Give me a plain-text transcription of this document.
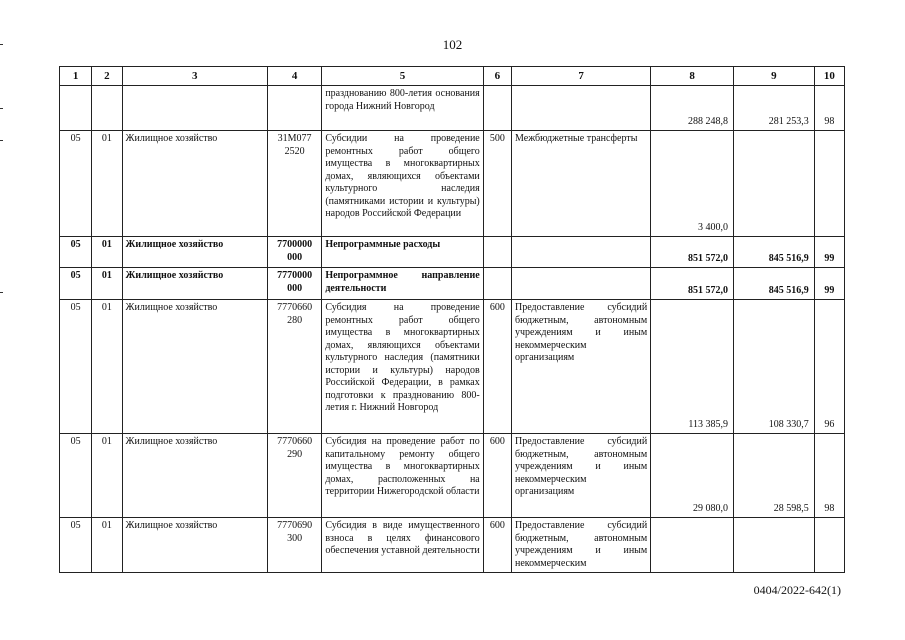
102
1	2	3	4	5	6	7	8	9	10
				празднованию 800-летия основания города Нижний Новгород			288 248,8	281 253,3	98
05	01	Жилищное хозяйство	31М077 2520	Субсидии на проведение ремонтных работ общего имущества в многоквартирных домах, являющихся объектами культурного наследия (памятниками истории и культуры) народов Российской Федерации	500	Межбюджетные трансферты	3 400,0		
05	01	Жилищное хозяйство	7700000 000	Непрограммные расходы			851 572,0	845 516,9	99
05	01	Жилищное хозяйство	7770000 000	Непрограммное направление деятельности			851 572,0	845 516,9	99
05	01	Жилищное хозяйство	7770660 280	Субсидия на проведение ремонтных работ общего имущества в многоквартирных домах, являющихся объектами культурного наследия (памятники истории и культуры) народов Российской Федерации, в рамках подготовки к празднованию 800-летия г. Нижний Новгород	600	Предоставление субсидий бюджетным, автономным учреждениям и иным некоммерческим организациям	113 385,9	108 330,7	96
05	01	Жилищное хозяйство	7770660 290	Субсидия на проведение работ по капитальному ремонту общего имущества в многоквартирных домах, расположенных на территории Нижегородской области	600	Предоставление субсидий бюджетным, автономным учреждениям и иным некоммерческим организациям	29 080,0	28 598,5	98
05	01	Жилищное хозяйство	7770690 300	Субсидия в виде имущественного взноса в целях финансового обеспечения уставной деятельности	600	Предоставление субсидий бюджетным, автономным учреждениям и иным некоммерческим			
0404/2022-642(1)
